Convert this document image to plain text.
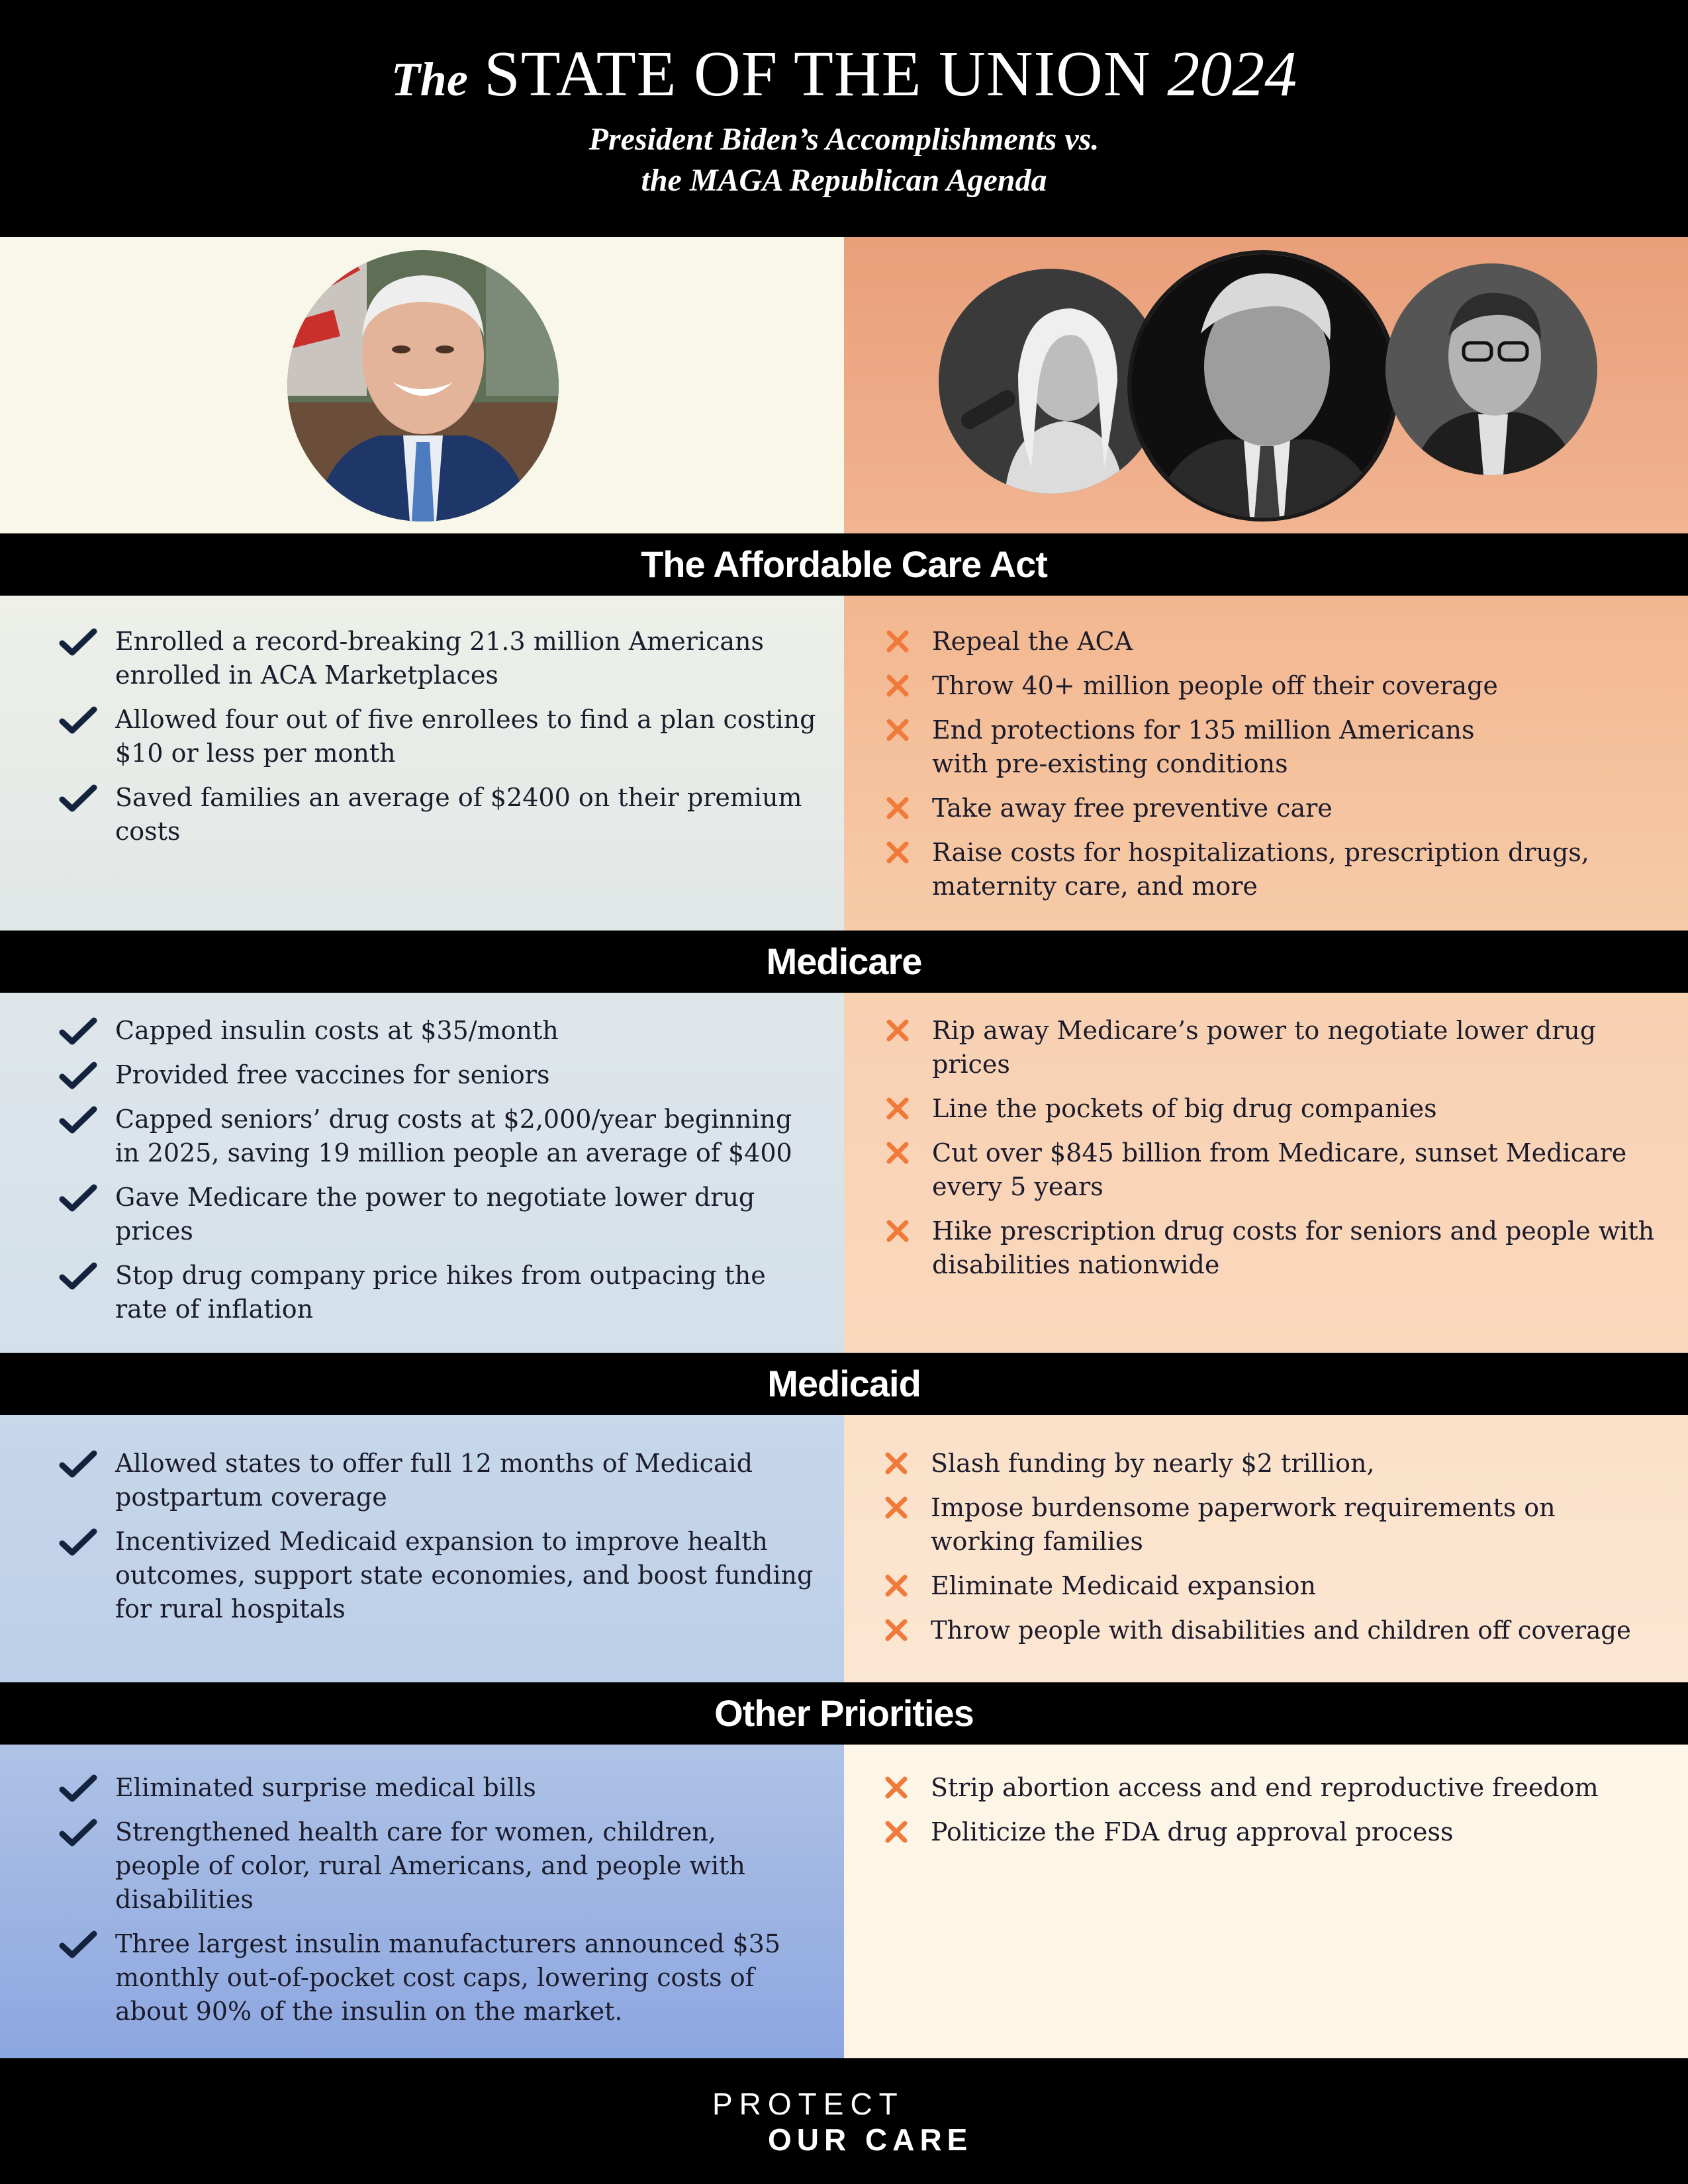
The STATE OF THE UNION 2024
President Biden’s Accomplishments vs.
the MAGA Republican Agenda
The Affordable Care Act
Enrolled a record-breaking 21.3 million Americans enrolled in ACA Marketplaces
Allowed four out of five enrollees to find a plan costing $10 or less per month
Saved families an average of $2400 on their premium costs
Repeal the ACA
Throw 40+ million people off their coverage
End protections for 135 million Americans with pre-existing conditions
Take away free preventive care
Raise costs for hospitalizations, prescription drugs, maternity care, and more
Medicare
Capped insulin costs at $35/month
Provided free vaccines for seniors
Capped seniors’ drug costs at $2,000/year beginning in 2025, saving 19 million people an average of $400
Gave Medicare the power to negotiate lower drug prices
Stop drug company price hikes from outpacing the rate of inflation
Rip away Medicare’s power to negotiate lower drug prices
Line the pockets of big drug companies
Cut over $845 billion from Medicare, sunset Medicare every 5 years
Hike prescription drug costs for seniors and people with disabilities nationwide
Medicaid
Allowed states to offer full 12 months of Medicaid postpartum coverage
Incentivized Medicaid expansion to improve health outcomes, support state economies, and boost funding for rural hospitals
Slash funding by nearly $2 trillion,
Impose burdensome paperwork requirements on working families
Eliminate Medicaid expansion
Throw people with disabilities and children off coverage
Other Priorities
Eliminated surprise medical bills
Strengthened health care for women, children, people of color, rural Americans, and people with disabilities
Three largest insulin manufacturers announced $35 monthly out-of-pocket cost caps, lowering costs of about 90% of the insulin on the market.
Strip abortion access and end reproductive freedom
Politicize the FDA drug approval process
PROTECT
OUR CARE
